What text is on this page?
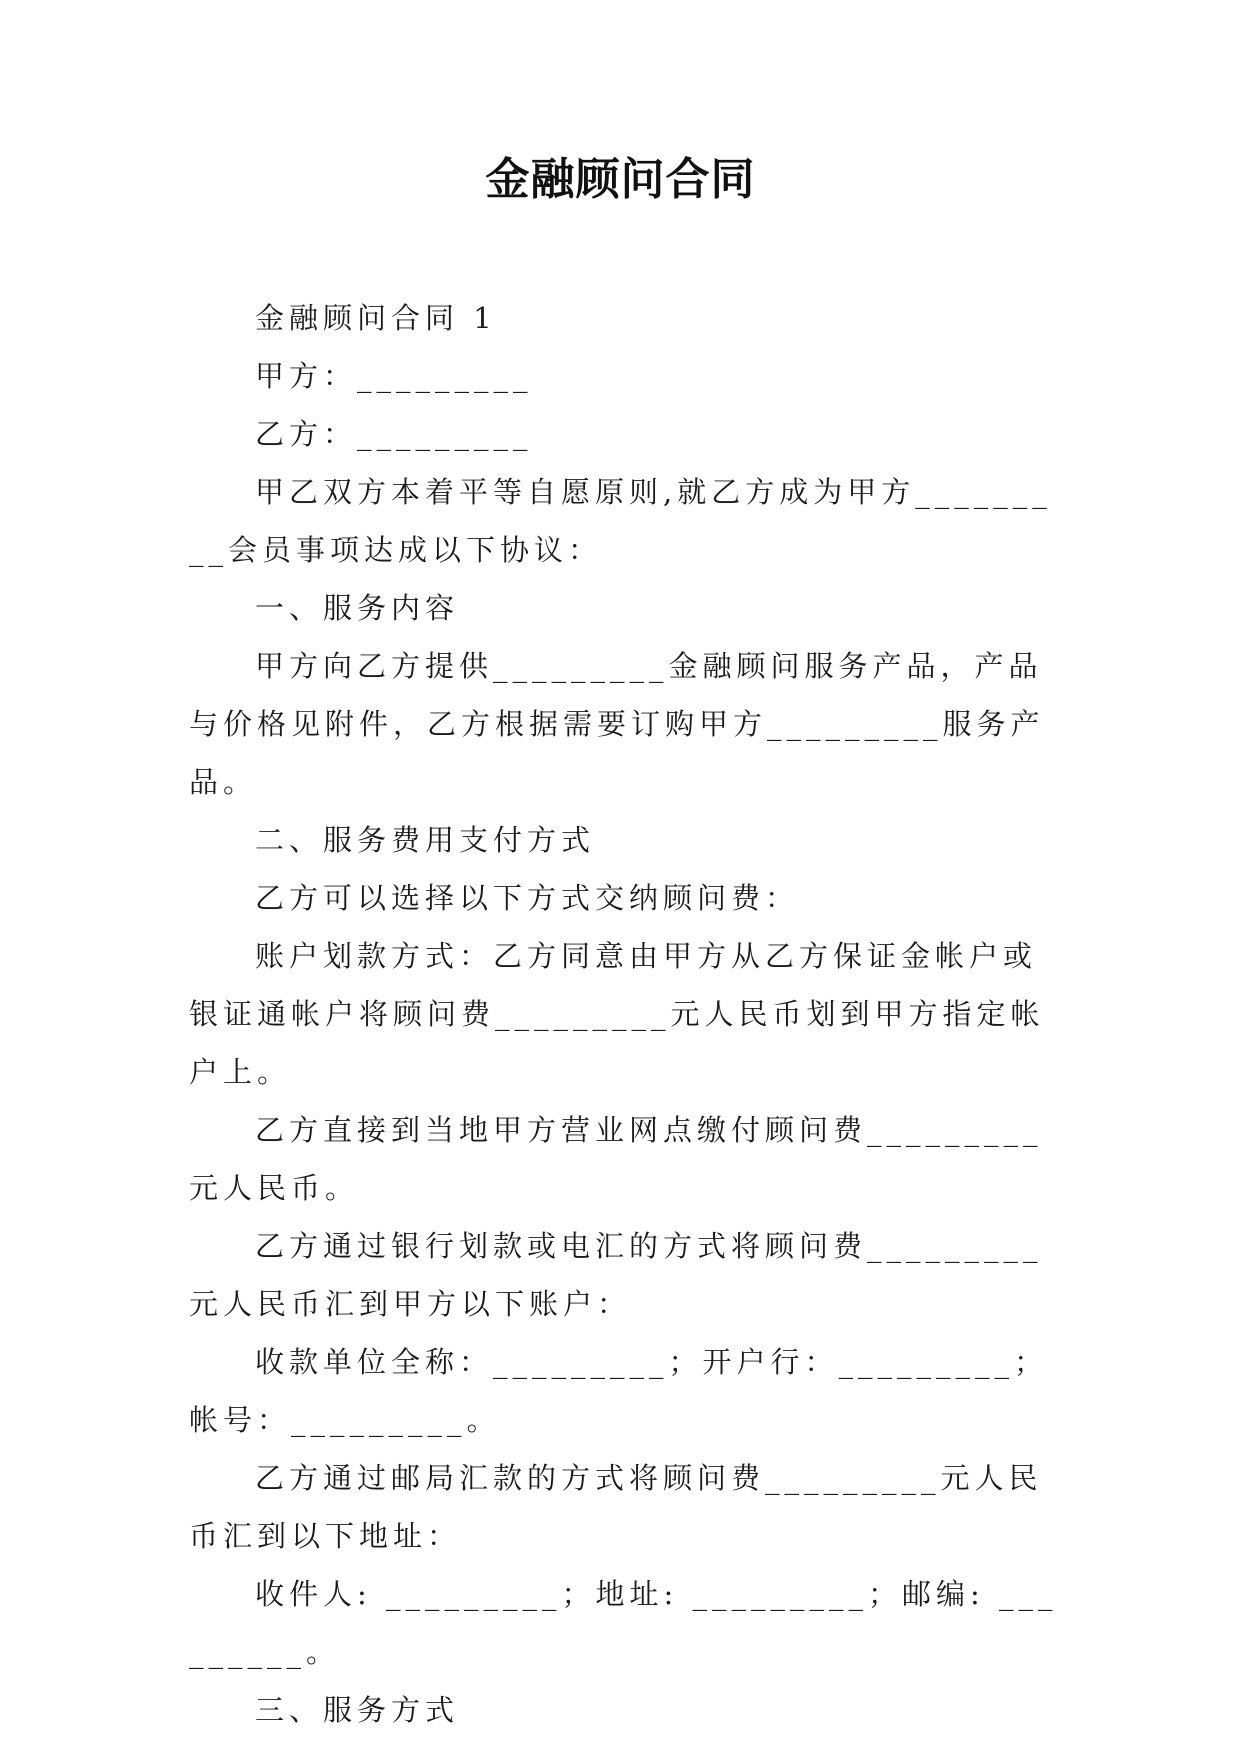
金融顾问合同

金融顾问合同 1

甲方：_________

乙方：_________

甲乙双方本着平等自愿原则,就乙方成为甲方_________会员事项达成以下协议：

一、服务内容

甲方向乙方提供_________金融顾问服务产品，产品与价格见附件，乙方根据需要订购甲方_________服务产品。

二、服务费用支付方式

乙方可以选择以下方式交纳顾问费：

账户划款方式：乙方同意由甲方从乙方保证金帐户或银证通帐户将顾问费_________元人民币划到甲方指定帐户上。

乙方直接到当地甲方营业网点缴付顾问费_________元人民币。

乙方通过银行划款或电汇的方式将顾问费_________元人民币汇到甲方以下账户：

收款单位全称：_________；开户行：_________；帐号：_________。

乙方通过邮局汇款的方式将顾问费_________元人民币汇到以下地址：

收件人: _________；地址: _________；邮编: _________。

三、服务方式
